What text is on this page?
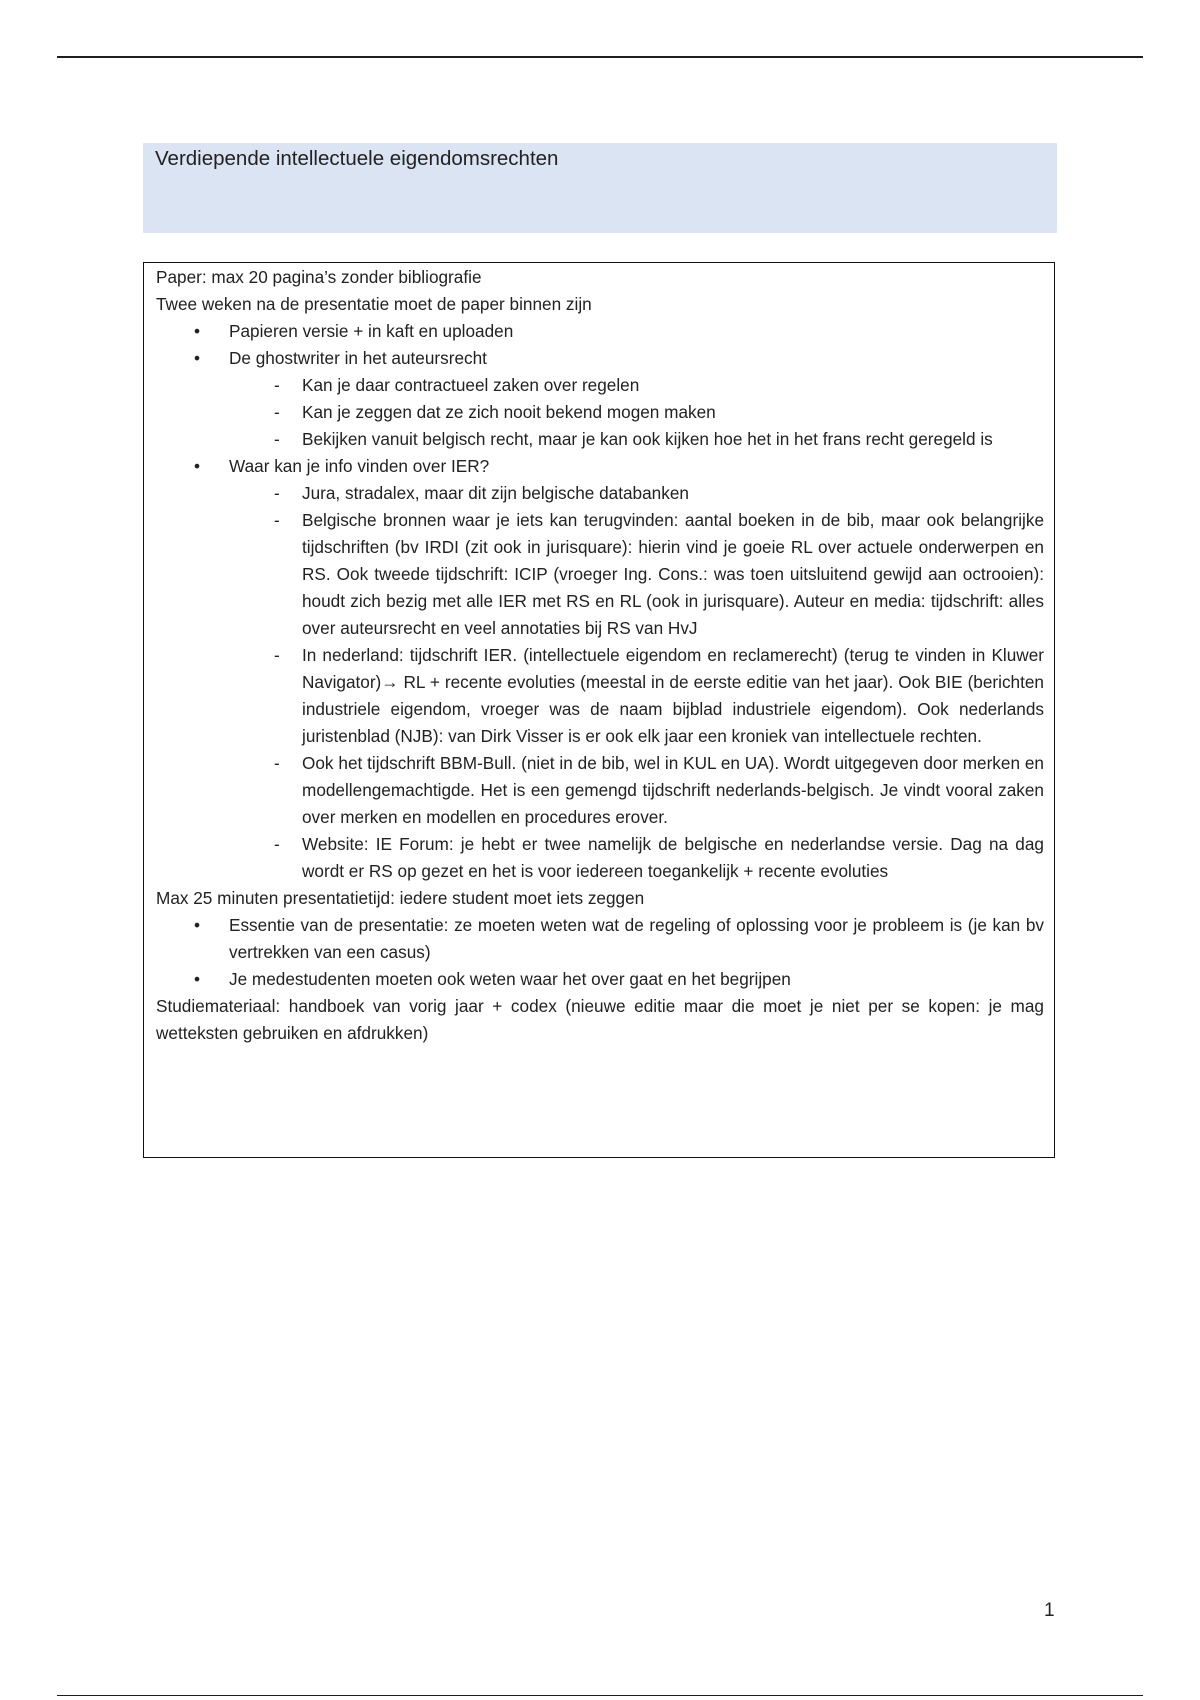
Verdiepende intellectuele eigendomsrechten
Paper: max 20 pagina’s zonder bibliografie
Twee weken na de presentatie moet de paper binnen zijn
• Papieren versie + in kaft en uploaden
• De ghostwriter in het auteursrecht
- Kan je daar contractueel zaken over regelen
- Kan je zeggen dat ze zich nooit bekend mogen maken
- Bekijken vanuit belgisch recht, maar je kan ook kijken hoe het in het frans recht geregeld is
• Waar kan je info vinden over IER?
- Jura, stradalex, maar dit zijn belgische databanken
- Belgische bronnen waar je iets kan terugvinden: aantal boeken in de bib, maar ook belangrijke tijdschriften (bv IRDI (zit ook in jurisquare): hierin vind je goeie RL over actuele onderwerpen en RS. Ook tweede tijdschrift: ICIP (vroeger Ing. Cons.: was toen uitsluitend gewijd aan octrooien): houdt zich bezig met alle IER met RS en RL (ook in jurisquare). Auteur en media: tijdschrift: alles over auteursrecht en veel annotaties bij RS van HvJ
- In nederland: tijdschrift IER. (intellectuele eigendom en reclamerecht) (terug te vinden in Kluwer Navigator)→ RL + recente evoluties (meestal in de eerste editie van het jaar). Ook BIE (berichten industriele eigendom, vroeger was de naam bijblad industriele eigendom). Ook nederlands juristenblad (NJB): van Dirk Visser is er ook elk jaar een kroniek van intellectuele rechten.
- Ook het tijdschrift BBM-Bull. (niet in de bib, wel in KUL en UA). Wordt uitgegeven door merken en modellengemachtigde. Het is een gemengd tijdschrift nederlands-belgisch. Je vindt vooral zaken over merken en modellen en procedures erover.
- Website: IE Forum: je hebt er twee namelijk de belgische en nederlandse versie. Dag na dag wordt er RS op gezet en het is voor iedereen toegankelijk + recente evoluties
Max 25 minuten presentatietijd: iedere student moet iets zeggen
• Essentie van de presentatie: ze moeten weten wat de regeling of oplossing voor je probleem is (je kan bv vertrekken van een casus)
• Je medestudenten moeten ook weten waar het over gaat en het begrijpen
Studiemateriaal: handboek van vorig jaar + codex (nieuwe editie maar die moet je niet per se kopen: je mag wetteksten gebruiken en afdrukken)
1
